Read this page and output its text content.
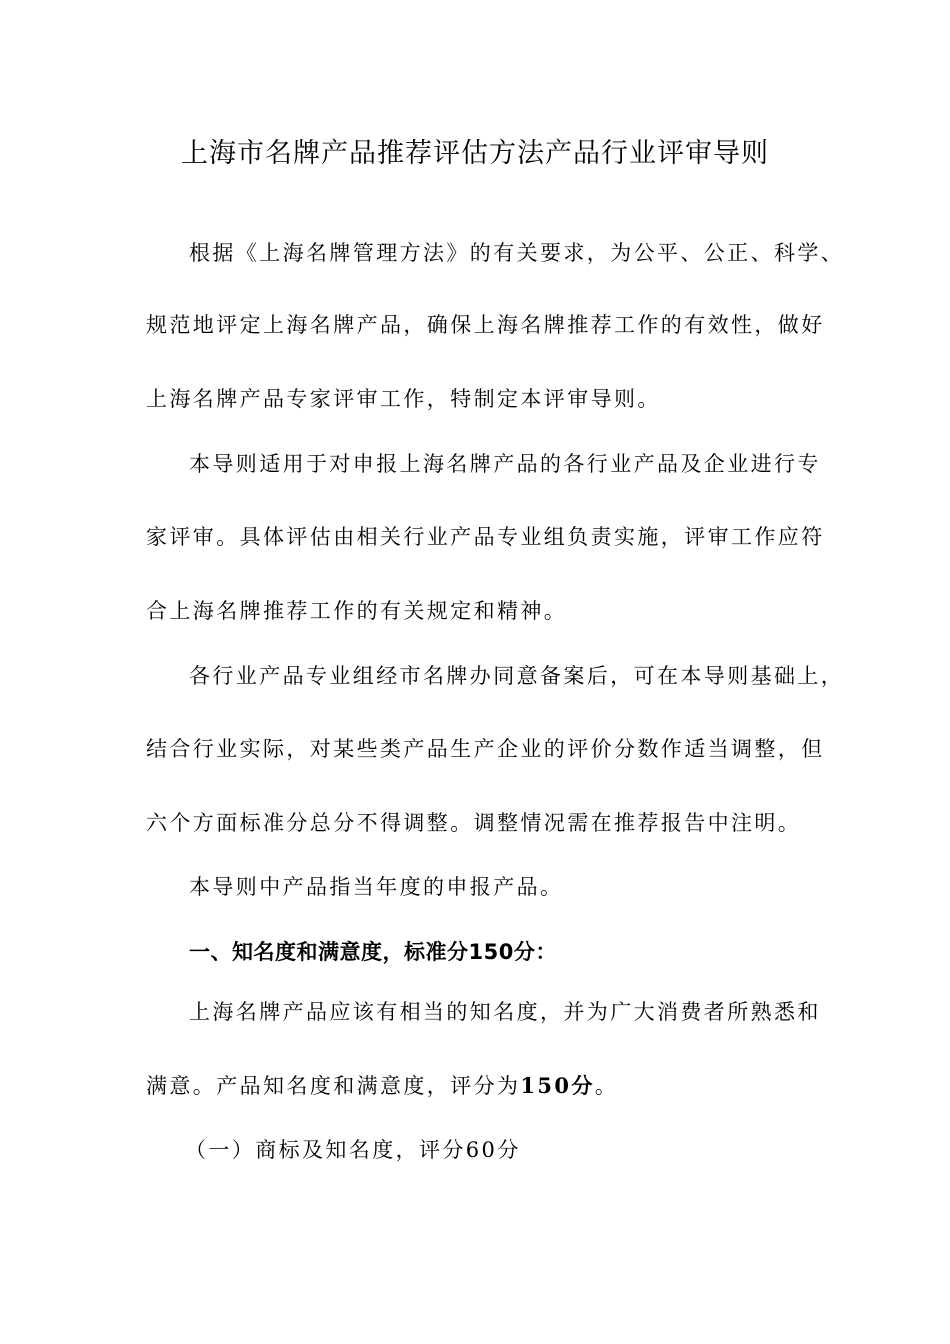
上海市名牌产品推荐评估方法产品行业评审导则
根据《上海名牌管理方法》的有关要求，为公平、公正、科学、
规范地评定上海名牌产品，确保上海名牌推荐工作的有效性，做好
上海名牌产品专家评审工作，特制定本评审导则。
本导则适用于对申报上海名牌产品的各行业产品及企业进行专
家评审。具体评估由相关行业产品专业组负责实施，评审工作应符
合上海名牌推荐工作的有关规定和精神。
各行业产品专业组经市名牌办同意备案后，可在本导则基础上，
结合行业实际，对某些类产品生产企业的评价分数作适当调整，但
六个方面标准分总分不得调整。调整情况需在推荐报告中注明。
本导则中产品指当年度的申报产品。
一、知名度和满意度，标准分150分：
上海名牌产品应该有相当的知名度，并为广大消费者所熟悉和
满意。产品知名度和满意度，评分为150分。
（一）商标及知名度，评分60分
